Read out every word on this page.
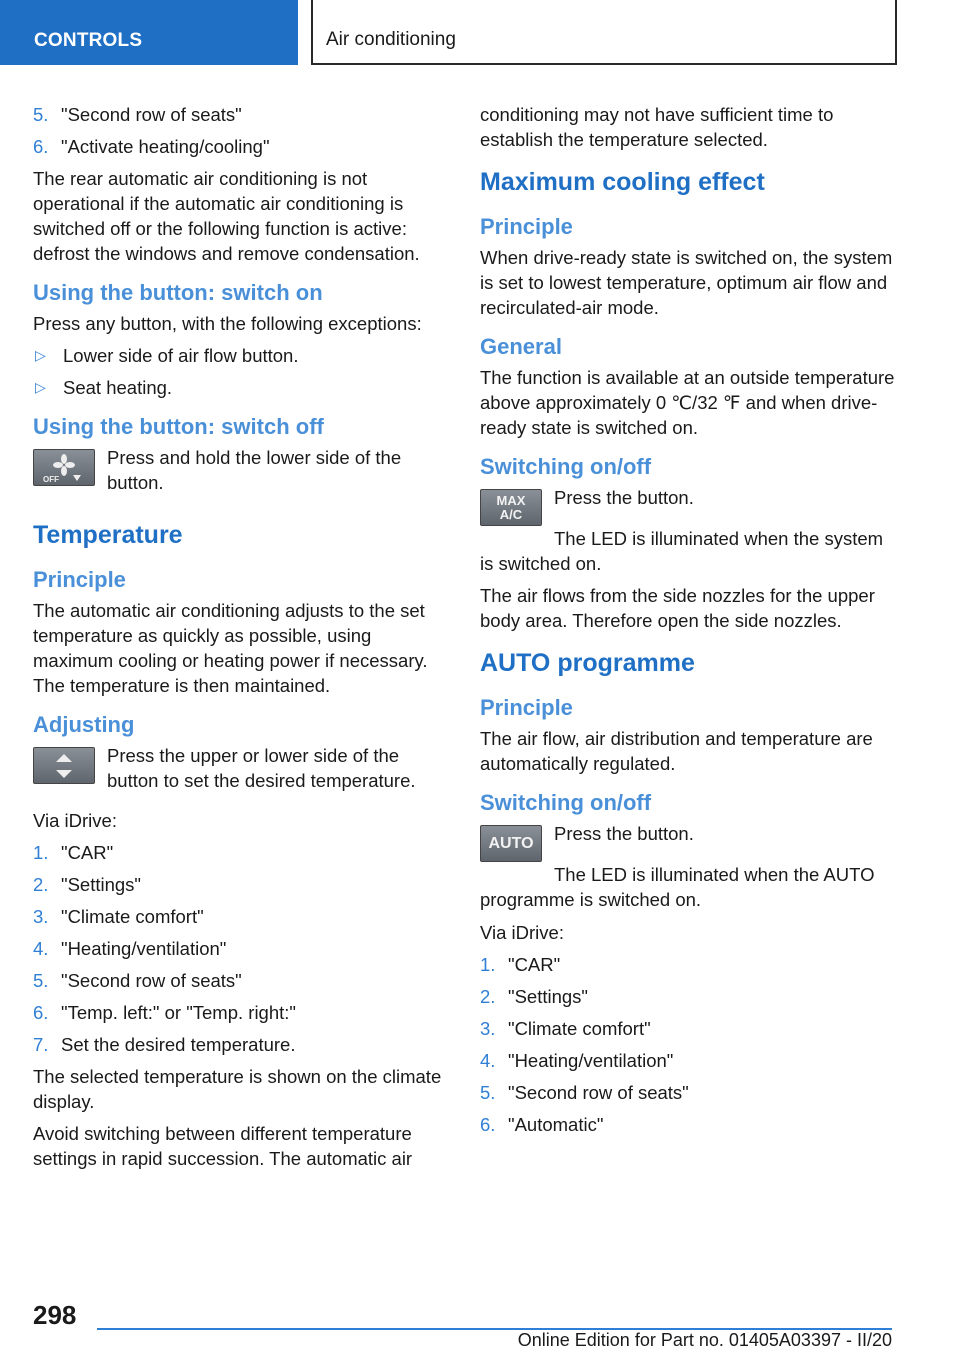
CONTROLS	Air conditioning
5. "Second row of seats"
6. "Activate heating/cooling"

The rear automatic air conditioning is not operational if the automatic air conditioning is switched off or the following function is active: defrost the windows and remove condensation.

Using the button: switch on

Press any button, with the following exceptions:

▷ Lower side of air flow button.
▷ Seat heating.
Using the button: switch off
OFF

Press and hold the lower side of the button.

Temperature
Principle

The automatic air conditioning adjusts to the set temperature as quickly as possible, using maximum cooling or heating power if necessary. The temperature is then maintained.

Adjusting

Press the upper or lower side of the button to set the desired temperature.

Via iDrive:

1. "CAR"
2. "Settings"
3. "Climate comfort"
4. "Heating/ventilation"
5. "Second row of seats"
6. "Temp. left:" or "Temp. right:"
7. Set the desired temperature.

The selected temperature is shown on the climate display.

Avoid switching between different temperature settings in rapid succession. The automatic air

conditioning may not have sufficient time to establish the temperature selected.

Maximum cooling effect
Principle

When drive-ready state is switched on, the system is set to lowest temperature, optimum air flow and recirculated-air mode.

General

The function is available at an outside temperature above approximately 0 ℃/32 ℉ and when drive-ready state is switched on.

Switching on/off
MAX
A/C

Press the button.

The LED is illuminated when the system is switched on.

The air flows from the side nozzles for the upper body area. Therefore open the side nozzles.

AUTO programme
Principle

The air flow, air distribution and temperature are automatically regulated.

Switching on/off
AUTO Press the button.

The LED is illuminated when the AUTO programme is switched on.

Via iDrive:

1. "CAR"
2. "Settings"
3. "Climate comfort"
4. "Heating/ventilation"
5. "Second row of seats"
6. "Automatic"
298
Online Edition for Part no. 01405A03397 - II/20
